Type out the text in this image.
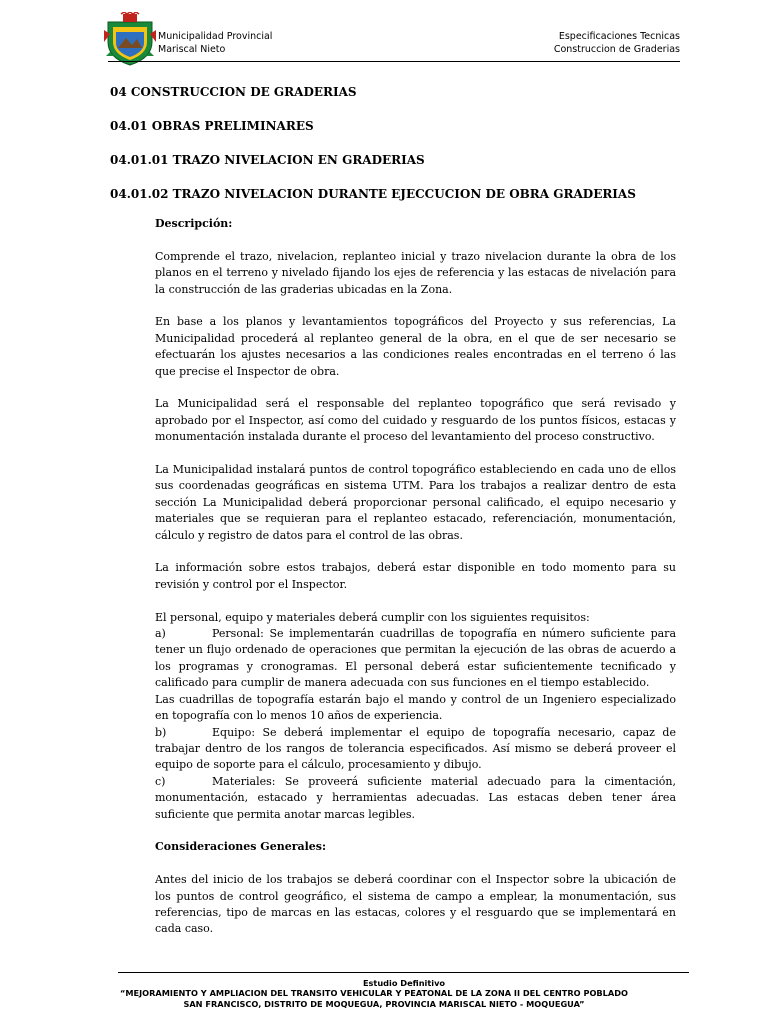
Municipalidad Provincial
Mariscal Nieto
Especificaciones Tecnicas
Construccion de Graderias
04 CONSTRUCCION DE GRADERIAS
04.01 OBRAS PRELIMINARES
04.01.01 TRAZO NIVELACION EN GRADERIAS
04.01.02 TRAZO NIVELACION DURANTE EJECCUCION DE OBRA GRADERIAS

Descripción:

Comprende el trazo, nivelacion, replanteo inicial y trazo nivelacion durante la obra de los planos en el terreno y nivelado fijando los ejes de referencia y las estacas de nivelación para la construcción de las graderias ubicadas en la Zona.

En base a los planos y levantamientos topográficos del Proyecto y sus referencias, La Municipalidad procederá al replanteo general de la obra, en el que de ser necesario se efectuarán los ajustes necesarios a las condiciones reales encontradas en el terreno ó las que precise el Inspector de obra.

La Municipalidad será el responsable del replanteo topográfico que será revisado y aprobado por el Inspector, así como del cuidado y resguardo de los puntos físicos, estacas y monumentación instalada durante el proceso del levantamiento del proceso constructivo.

La Municipalidad instalará puntos de control topográfico estableciendo en cada uno de ellos sus coordenadas geográficas en sistema UTM. Para los trabajos a realizar dentro de esta sección La Municipalidad deberá proporcionar personal calificado, el equipo necesario y materiales que se requieran para el replanteo estacado, referenciación, monumentación, cálculo y registro de datos para el control de las obras.

La información sobre estos trabajos, deberá estar disponible en todo momento para su revisión y control por el Inspector.

El personal, equipo y materiales deberá cumplir con los siguientes requisitos:

a)	Personal: Se implementarán cuadrillas de topografía en número suficiente para tener un flujo ordenado de operaciones que permitan la ejecución de las obras de acuerdo a los programas y cronogramas. El personal deberá estar suficientemente tecnificado y calificado para cumplir de manera adecuada con sus funciones en el tiempo establecido.

Las cuadrillas de topografía estarán bajo el mando y control de un Ingeniero especializado en topografía con lo menos 10 años de experiencia.

b)	Equipo: Se deberá implementar el equipo de topografía necesario, capaz de trabajar dentro de los rangos de tolerancia especificados. Así mismo se deberá proveer el equipo de soporte para el cálculo, procesamiento y dibujo.

c)	Materiales: Se proveerá suficiente material adecuado para la cimentación, monumentación, estacado y herramientas adecuadas. Las estacas deben tener área suficiente que permita anotar marcas legibles.

Consideraciones Generales:

Antes del inicio de los trabajos se deberá coordinar con el Inspector sobre la ubicación de los puntos de control geográfico, el sistema de campo a emplear, la monumentación, sus referencias, tipo de marcas en las estacas, colores y el resguardo que se implementará en cada caso.

Estudio Definitivo
“MEJORAMIENTO Y AMPLIACION DEL TRANSITO VEHICULAR Y PEATONAL DE LA ZONA II DEL CENTRO POBLADO
SAN FRANCISCO, DISTRITO DE MOQUEGUA, PROVINCIA MARISCAL NIETO - MOQUEGUA”
